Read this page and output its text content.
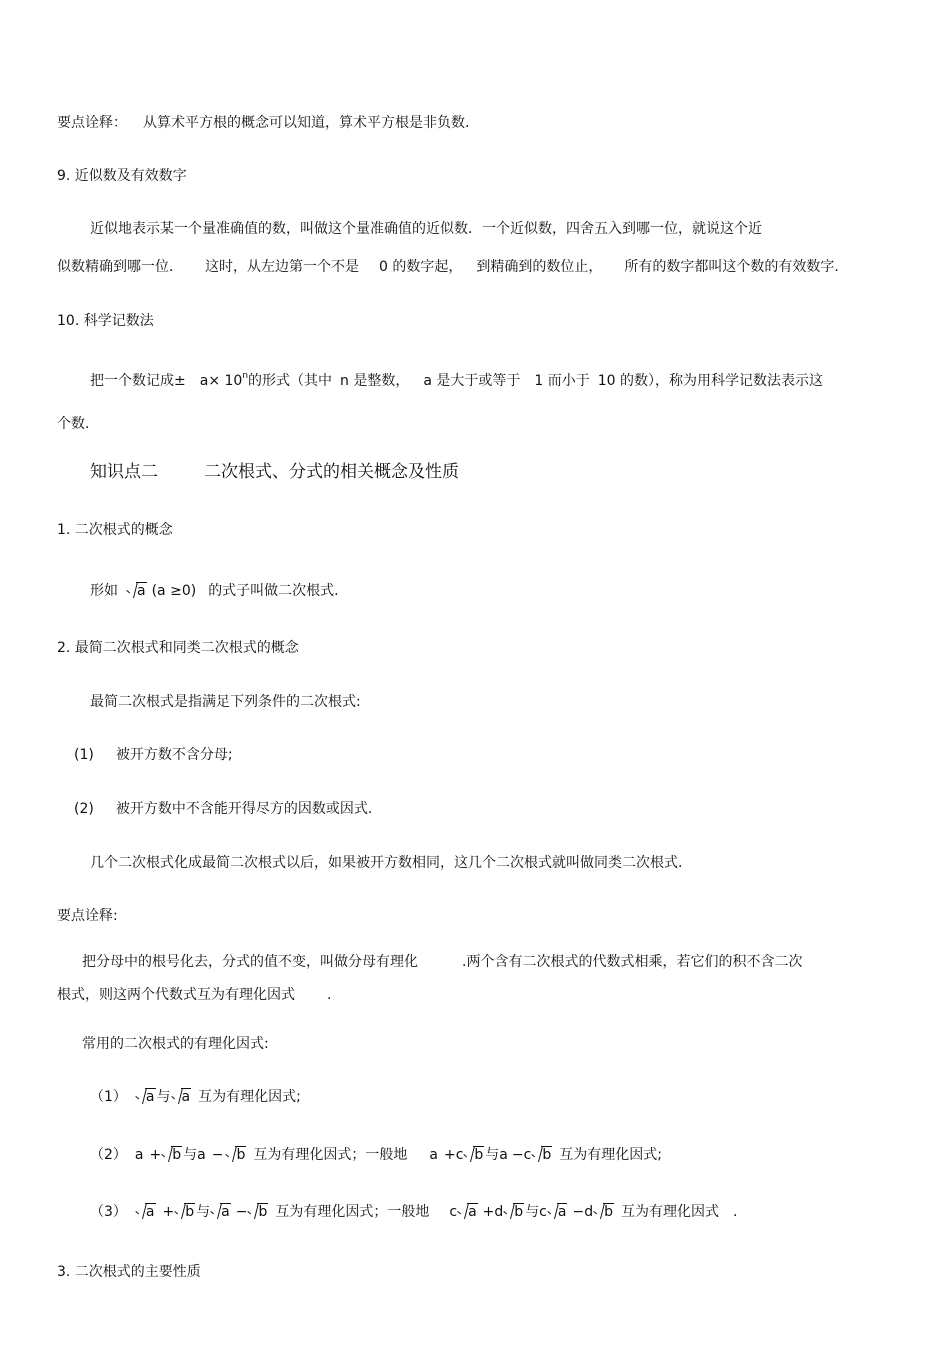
要点诠释： 从算术平方根的概念可以知道，算术平方根是非负数.
9. 近似数及有效数字
近似地表示某一个量准确值的数，叫做这个量准确值的近似数．一个近似数，四舍五入到哪一位，就说这个近
似数精确到哪一位． 这时，从左边第一个不是 0 的数字起， 到精确到的数位止， 所有的数字都叫这个数的有效数字.
10. 科学记数法
把一个数记成± $a\times 10^n$的形式（其中 n 是整数， a 是大于或等于 1 而小于 10 的数），称为用科学记数法表示这
个数.
知识点二	二次根式、分式的相关概念及性质
1. 二次根式的概念
形如 a (a ≥0) 的式子叫做二次根式.
2. 最简二次根式和同类二次根式的概念
最简二次根式是指满足下列条件的二次根式:
(1) 被开方数不含分母;
(2) 被开方数中不含能开得尽方的因数或因式.
几个二次根式化成最简二次根式以后，如果被开方数相同，这几个二次根式就叫做同类二次根式.
要点诠释:
把分母中的根号化去，分式的值不变，叫做分母有理化	.两个含有二次根式的代数式相乘，若它们的积不含二次
根式，则这两个代数式互为有理化因式 .
常用的二次根式的有理化因式:
（1） a 与 a 互为有理化因式;
（2） a + b 与a − b 互为有理化因式；一般地 a +c b 与a −c b 互为有理化因式;
（3） a + b 与 a − b 互为有理化因式；一般地 c a +d b 与c a −d b 互为有理化因式 .
3. 二次根式的主要性质
